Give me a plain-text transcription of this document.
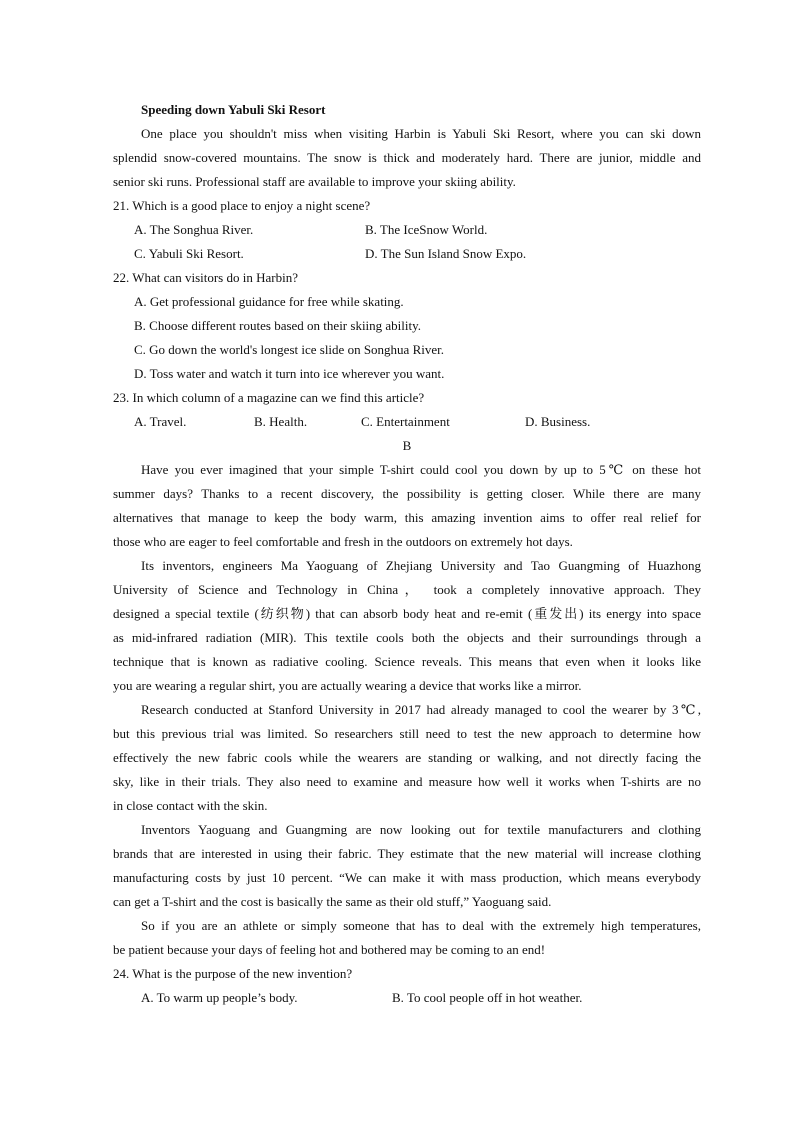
Speeding down Yabuli Ski Resort
One place you shouldn't miss when visiting Harbin is Yabuli Ski Resort, where you can ski down
splendid snow-covered mountains. The snow is thick and moderately hard. There are junior, middle and
senior ski runs. Professional staff are available to improve your skiing ability.
21. Which is a good place to enjoy a night scene?
A. The Songhua River.	B. The IceSnow World.
C. Yabuli Ski Resort.	D. The Sun Island Snow Expo.
22. What can visitors do in Harbin?
A. Get professional guidance for free while skating.
B. Choose different routes based on their skiing ability.
C. Go down the world's longest ice slide on Songhua River.
D. Toss water and watch it turn into ice wherever you want.
23. In which column of a magazine can we find this article?
A. Travel.	B. Health.	C. Entertainment	D. Business.
B
Have you ever imagined that your simple T-shirt could cool you down by up to 5℃ on these hot
summer days? Thanks to a recent discovery, the possibility is getting closer. While there are many
alternatives that manage to keep the body warm, this amazing invention aims to offer real relief for
those who are eager to feel comfortable and fresh in the outdoors on extremely hot days.
Its inventors, engineers Ma Yaoguang of Zhejiang University and Tao Guangming of Huazhong
University of Science and Technology in China， took a completely innovative approach. They
designed a special textile (纺织物) that can absorb body heat and re-emit (重发出) its energy into space
as mid-infrared radiation (MIR). This textile cools both the objects and their surroundings through a
technique that is known as radiative cooling. Science reveals. This means that even when it looks like
you are wearing a regular shirt, you are actually wearing a device that works like a mirror.
Research conducted at Stanford University in 2017 had already managed to cool the wearer by 3℃,
but this previous trial was limited. So researchers still need to test the new approach to determine how
effectively the new fabric cools while the wearers are standing or walking, and not directly facing the
sky, like in their trials. They also need to examine and measure how well it works when T-shirts are no
in close contact with the skin.
Inventors Yaoguang and Guangming are now looking out for textile manufacturers and clothing
brands that are interested in using their fabric. They estimate that the new material will increase clothing
manufacturing costs by just 10 percent. “We can make it with mass production, which means everybody
can get a T-shirt and the cost is basically the same as their old stuff,” Yaoguang said.
So if you are an athlete or simply someone that has to deal with the extremely high temperatures,
be patient because your days of feeling hot and bothered may be coming to an end!
24. What is the purpose of the new invention?
A. To warm up people’s body.	B. To cool people off in hot weather.
